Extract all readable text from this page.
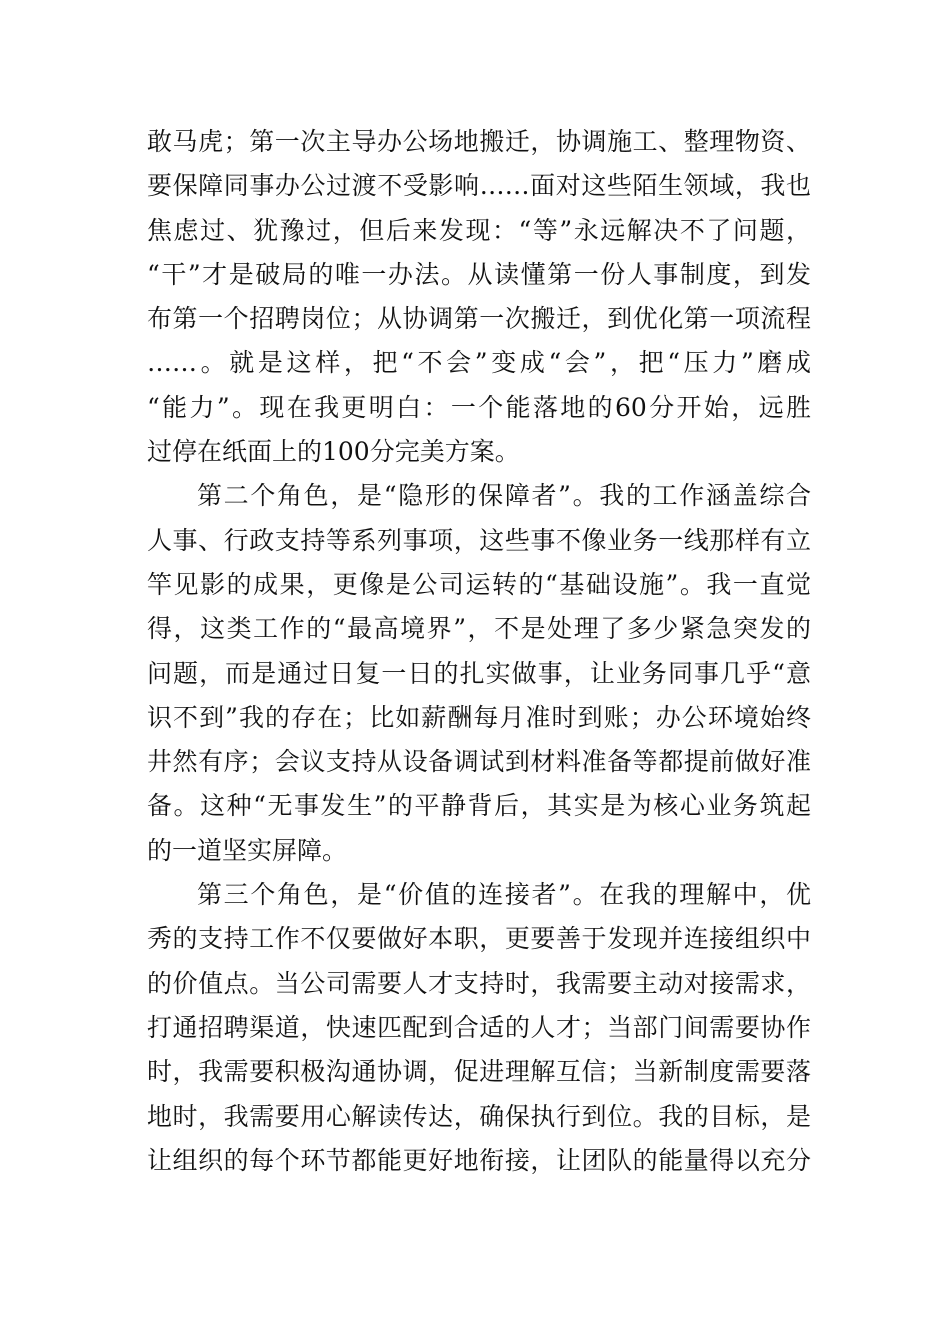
敢马虎；第一次主导办公场地搬迁，协调施工、整理物资、
要保障同事办公过渡不受影响……面对这些陌生领域，我也
焦虑过、犹豫过，但后来发现：“等”永远解决不了问题，
“干”才是破局的唯一办法。从读懂第一份人事制度，到发
布第一个招聘岗位；从协调第一次搬迁，到优化第一项流程
……。就是这样，把“不会”变成“会”，把“压力”磨成
“能力”。现在我更明白：一个能落地的60分开始，远胜
过停在纸面上的100分完美方案。
第二个角色，是“隐形的保障者”。我的工作涵盖综合
人事、行政支持等系列事项，这些事不像业务一线那样有立
竿见影的成果，更像是公司运转的“基础设施”。我一直觉
得，这类工作的“最高境界”，不是处理了多少紧急突发的
问题，而是通过日复一日的扎实做事，让业务同事几乎“意
识不到”我的存在；比如薪酬每月准时到账；办公环境始终
井然有序；会议支持从设备调试到材料准备等都提前做好准
备。这种“无事发生”的平静背后，其实是为核心业务筑起
的一道坚实屏障。
第三个角色，是“价值的连接者”。在我的理解中，优
秀的支持工作不仅要做好本职，更要善于发现并连接组织中
的价值点。当公司需要人才支持时，我需要主动对接需求，
打通招聘渠道，快速匹配到合适的人才；当部门间需要协作
时，我需要积极沟通协调，促进理解互信；当新制度需要落
地时，我需要用心解读传达，确保执行到位。我的目标，是
让组织的每个环节都能更好地衔接，让团队的能量得以充分
